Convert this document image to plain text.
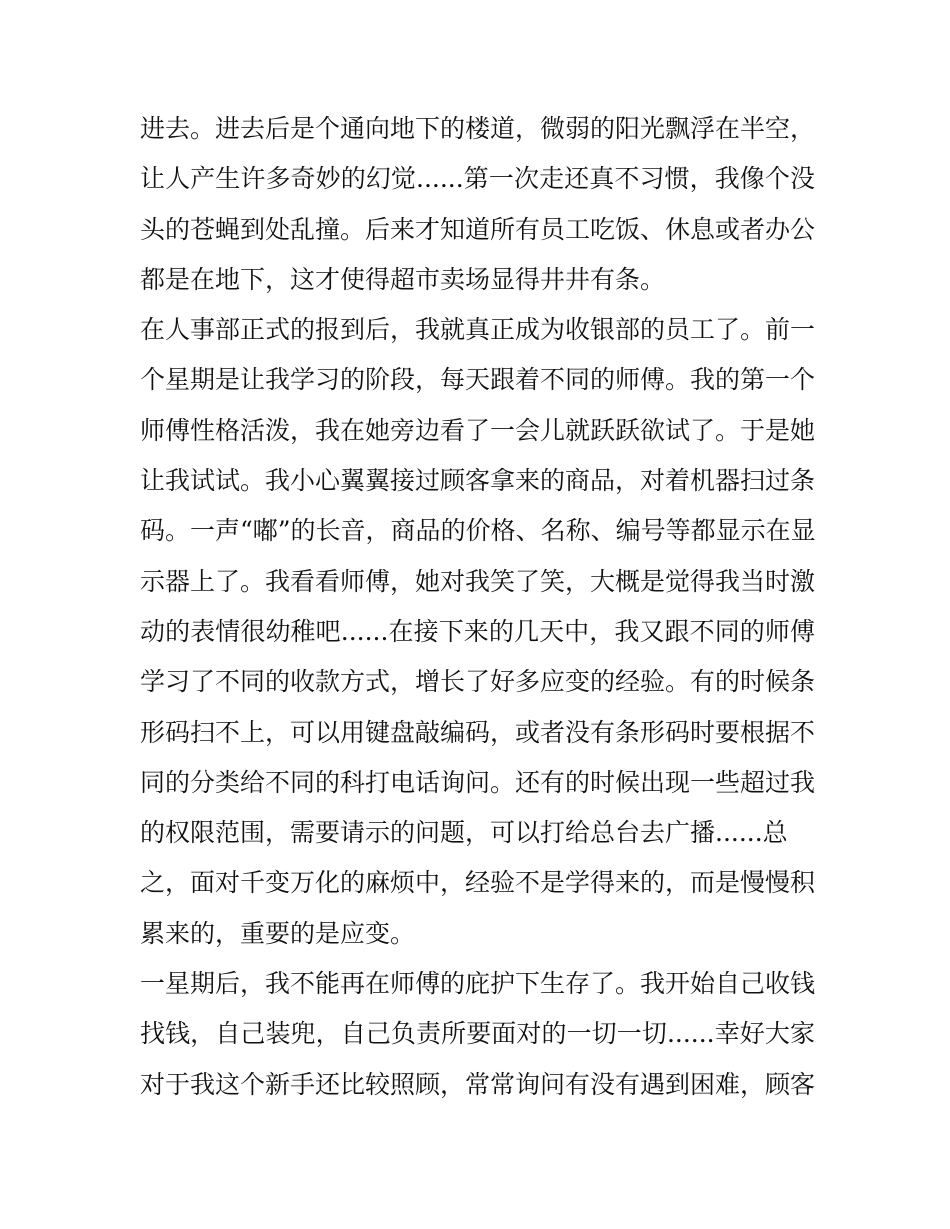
进去。进去后是个通向地下的楼道，微弱的阳光飘浮在半空，
让人产生许多奇妙的幻觉......第一次走还真不习惯，我像个没
头的苍蝇到处乱撞。后来才知道所有员工吃饭、休息或者办公
都是在地下，这才使得超市卖场显得井井有条。
在人事部正式的报到后，我就真正成为收银部的员工了。前一
个星期是让我学习的阶段，每天跟着不同的师傅。我的第一个
师傅性格活泼，我在她旁边看了一会儿就跃跃欲试了。于是她
让我试试。我小心翼翼接过顾客拿来的商品，对着机器扫过条
码。一声“嘟”的长音，商品的价格、名称、编号等都显示在显
示器上了。我看看师傅，她对我笑了笑，大概是觉得我当时激
动的表情很幼稚吧......在接下来的几天中，我又跟不同的师傅
学习了不同的收款方式，增长了好多应变的经验。有的时候条
形码扫不上，可以用键盘敲编码，或者没有条形码时要根据不
同的分类给不同的科打电话询问。还有的时候出现一些超过我
的权限范围，需要请示的问题，可以打给总台去广播......总
之，面对千变万化的麻烦中，经验不是学得来的，而是慢慢积
累来的，重要的是应变。
一星期后，我不能再在师傅的庇护下生存了。我开始自己收钱
找钱，自己装兜，自己负责所要面对的一切一切......幸好大家
对于我这个新手还比较照顾，常常询问有没有遇到困难，顾客
